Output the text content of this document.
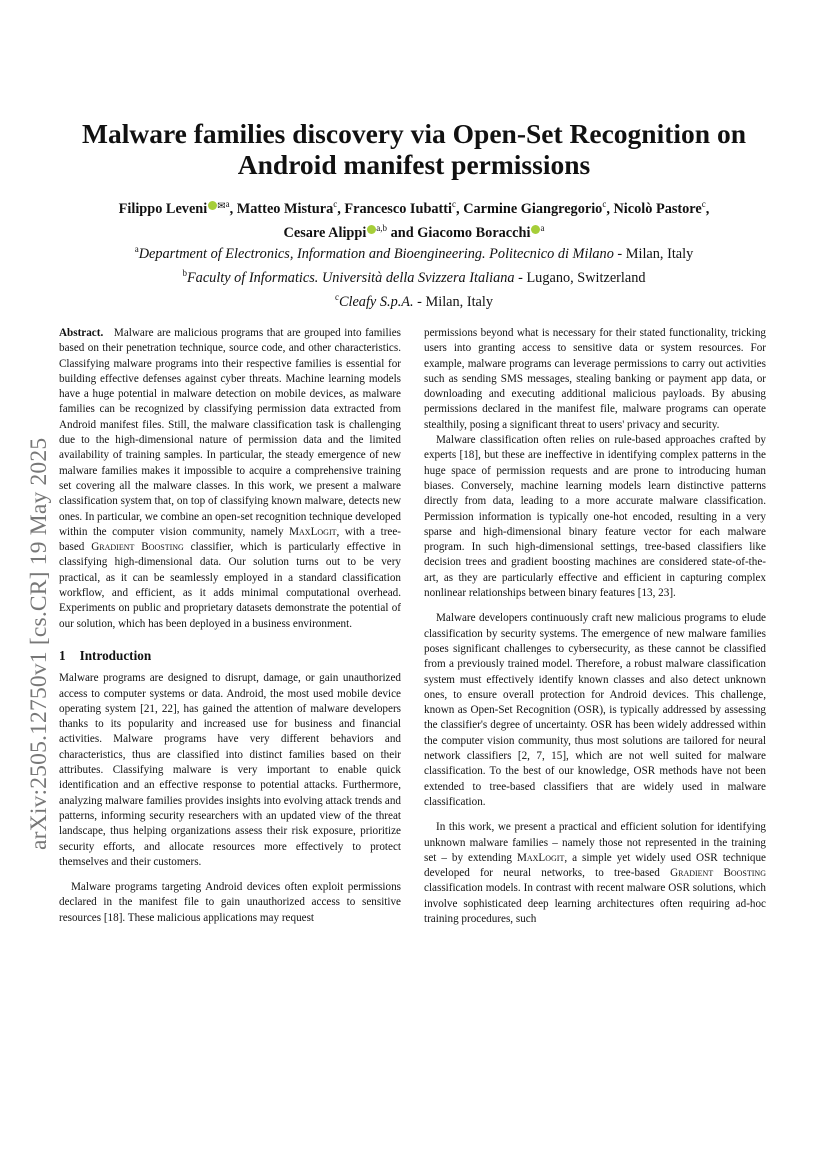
arXiv:2505.12750v1 [cs.CR] 19 May 2025
Malware families discovery via Open-Set Recognition on Android manifest permissions
Filippo Leveni $^{✉a}$, Matteo Mistura$^c$, Francesco Iubatti$^c$, Carmine Giangregorio$^c$, Nicolò Pastore$^c$,
Cesare Alippi $^{a,b}$ and Giacomo Boracchi $^a$
$^a$Department of Electronics, Information and Bioengineering. Politecnico di Milano - Milan, Italy
$^b$Faculty of Informatics. Università della Svizzera Italiana - Lugano, Switzerland
$^c$Cleafy S.p.A. - Milan, Italy

Abstract. Malware are malicious programs that are grouped into families based on their penetration technique, source code, and other characteristics. Classifying malware programs into their respective families is essential for building effective defenses against cyber threats. Machine learning models have a huge potential in malware detection on mobile devices, as malware families can be recognized by classifying permission data extracted from Android manifest files. Still, the malware classification task is challenging due to the high-dimensional nature of permission data and the limited availability of training samples. In particular, the steady emergence of new malware families makes it impossible to acquire a comprehensive training set covering all the malware classes. In this work, we present a malware classification system that, on top of classifying known malware, detects new ones. In particular, we combine an open-set recognition technique developed within the computer vision community, namely MaxLogit, with a tree-based Gradient Boosting classifier, which is particularly effective in classifying high-dimensional data. Our solution turns out to be very practical, as it can be seamlessly employed in a standard classification workflow, and efficient, as it adds minimal computational overhead. Experiments on public and proprietary datasets demonstrate the potential of our solution, which has been deployed in a business environment.

1 Introduction

Malware programs are designed to disrupt, damage, or gain unauthorized access to computer systems or data. Android, the most used mobile device operating system [21, 22], has gained the attention of malware developers thanks to its popularity and increased use for business and financial activities. Malware programs have very different behaviors and characteristics, thus are classified into distinct families based on their attributes. Classifying malware is very important to enable quick identification and an effective response to potential attacks. Furthermore, analyzing malware families provides insights into evolving attack trends and patterns, informing security researchers with an updated view of the threat landscape, thus helping organizations assess their risk exposure, prioritize security efforts, and allocate resources more effectively to protect themselves and their customers.

Malware programs targeting Android devices often exploit permissions declared in the manifest file to gain unauthorized access to sensitive resources [18]. These malicious applications may request

permissions beyond what is necessary for their stated functionality, tricking users into granting access to sensitive data or system resources. For example, malware programs can leverage permissions to carry out activities such as sending SMS messages, stealing banking or payment app data, or downloading and executing additional malicious payloads. By abusing permissions declared in the manifest file, malware programs can operate stealthily, posing a significant threat to users' privacy and security.

Malware classification often relies on rule-based approaches crafted by experts [18], but these are ineffective in identifying complex patterns in the huge space of permission requests and are prone to introducing human biases. Conversely, machine learning models learn distinctive patterns directly from data, leading to a more accurate malware classification. Permission information is typically one-hot encoded, resulting in a very sparse and high-dimensional binary feature vector for each malware program. In such high-dimensional settings, tree-based classifiers like decision trees and gradient boosting machines are considered state-of-the-art, as they are particularly effective and efficient in capturing complex nonlinear relationships between binary features [13, 23].

Malware developers continuously craft new malicious programs to elude classification by security systems. The emergence of new malware families poses significant challenges to cybersecurity, as these cannot be classified from a previously trained model. Therefore, a robust malware classification system must effectively identify known classes and also detect unknown ones, to ensure overall protection for Android devices. This challenge, known as Open-Set Recognition (OSR), is typically addressed by assessing the classifier's degree of uncertainty. OSR has been widely addressed within the computer vision community, thus most solutions are tailored for neural network classifiers [2, 7, 15], which are not well suited for malware classification. To the best of our knowledge, OSR methods have not been extended to tree-based classifiers that are widely used in malware classification.

In this work, we present a practical and efficient solution for identifying unknown malware families – namely those not represented in the training set – by extending MaxLogit, a simple yet widely used OSR technique developed for neural networks, to tree-based Gradient Boosting classification models. In contrast with recent malware OSR solutions, which involve sophisticated deep learning architectures often requiring ad-hoc training procedures, such
